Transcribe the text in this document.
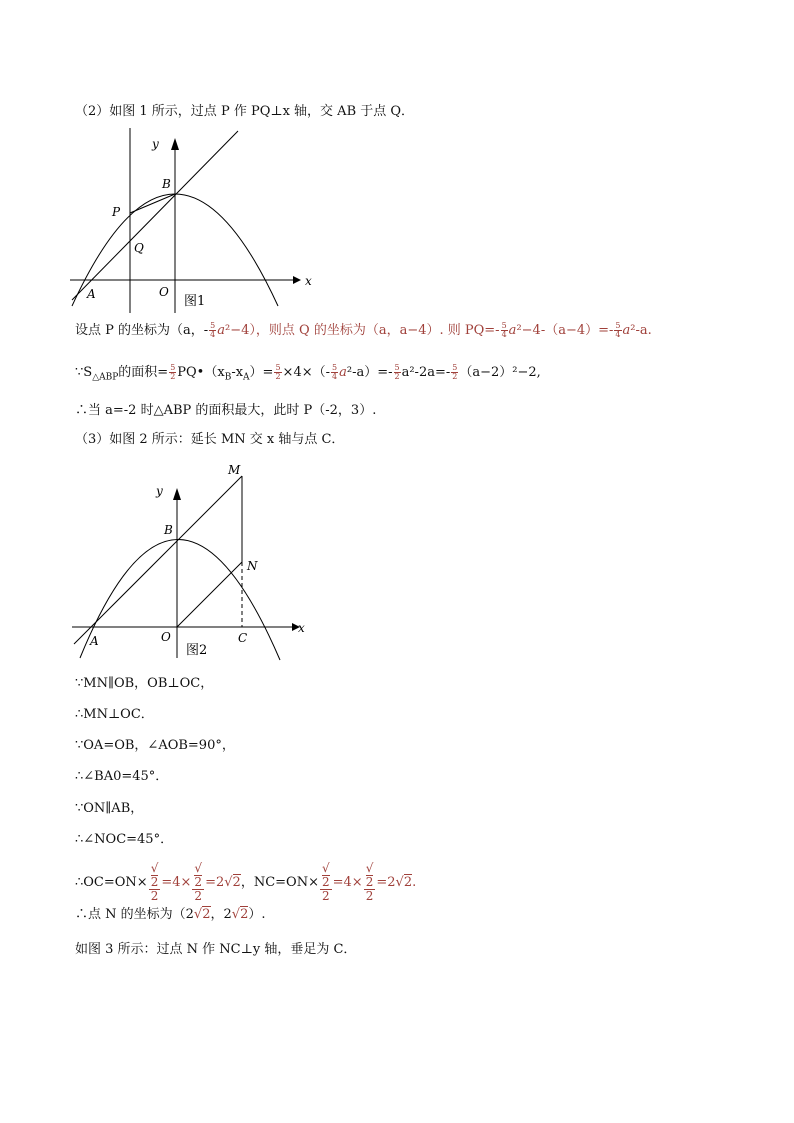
（2）如图 1 所示，过点 P 作 PQ⊥x 轴，交 AB 于点 Q．
y
x
B
P
Q
O
A	图1
设点 P 的坐标为（a，- $\frac{5}{4} a^2-4$），则点 Q 的坐标为（a，a−4）. 则 $PQ=- \frac{5}{4} a^2-4-(a-4)=- \frac{5}{4} a^2-a$.
$\because S_{\triangle ABP}$的面积= $\frac{5}{2}$ $PQ•(x_B-x_A)= \frac{5}{2} \times 4\times(- \frac{5}{4} a^2-a)=- \frac{5}{2} a^2-2a=- \frac{5}{2} (a-2)^2-2$,
∴当 a=-2 时△ABP 的面积最大，此时 P（-2，3）.
（3）如图 2 所示：延长 MN 交 x 轴与点 C．
y
x
M
B
N
O
A	C
图2
∵MN∥OB，OB⊥OC，
∴MN⊥OC．
∵OA=OB，∠AOB=90°，
∴∠BA0=45°．
∵ON∥AB，
∴∠NOC=45°．
∴OC=ON× √
2
2 =4× √
2
2 =2√2，NC=ON× √
2
2 =4× √
2
2 =2√2.
∴点 N 的坐标为（2√2，2√2）.
如图 3 所示：过点 N 作 NC⊥y 轴，垂足为 C．
